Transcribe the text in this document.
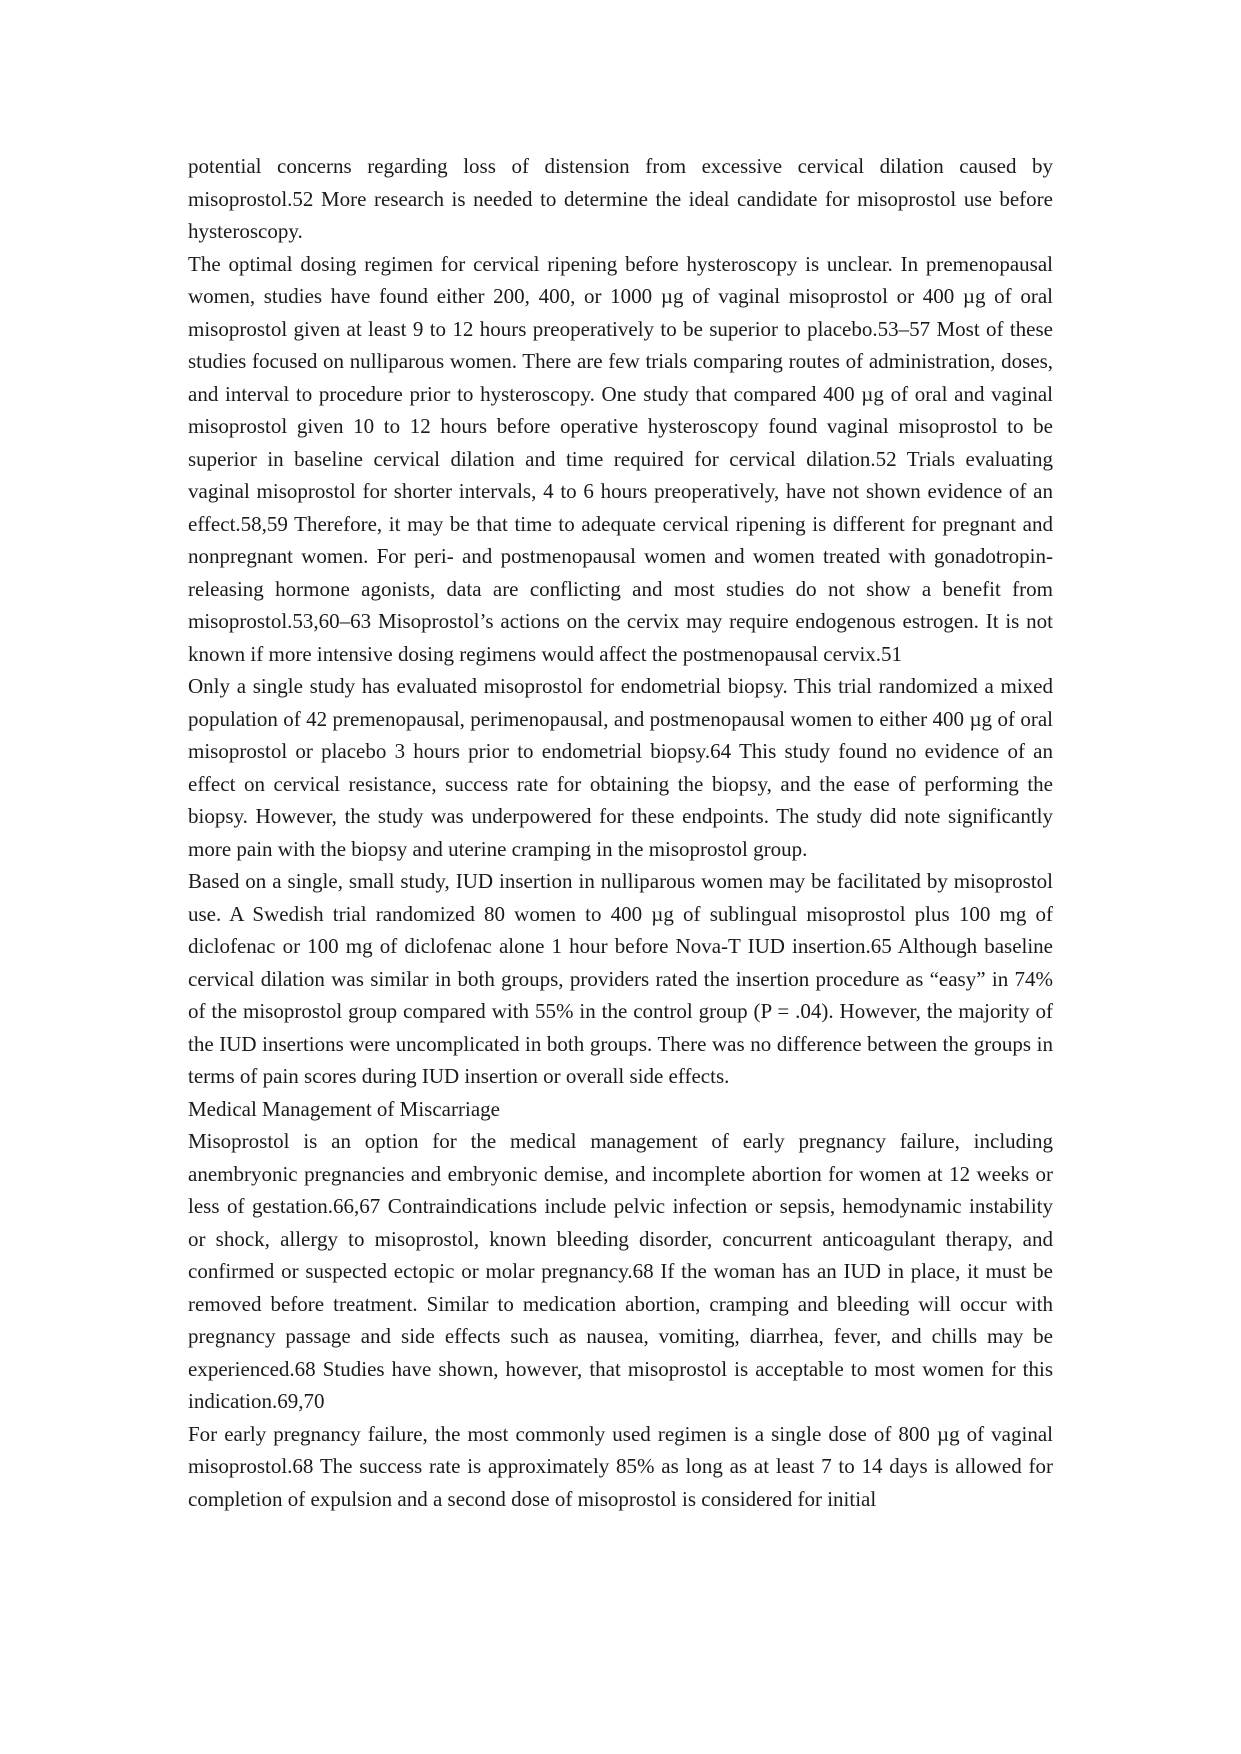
potential concerns regarding loss of distension from excessive cervical dilation caused by misoprostol.52 More research is needed to determine the ideal candidate for misoprostol use before hysteroscopy.

The optimal dosing regimen for cervical ripening before hysteroscopy is unclear. In premenopausal women, studies have found either 200, 400, or 1000 µg of vaginal misoprostol or 400 µg of oral misoprostol given at least 9 to 12 hours preoperatively to be superior to placebo.53–57 Most of these studies focused on nulliparous women. There are few trials comparing routes of administration, doses, and interval to procedure prior to hysteroscopy. One study that compared 400 µg of oral and vaginal misoprostol given 10 to 12 hours before operative hysteroscopy found vaginal misoprostol to be superior in baseline cervical dilation and time required for cervical dilation.52 Trials evaluating vaginal misoprostol for shorter intervals, 4 to 6 hours preoperatively, have not shown evidence of an effect.58,59 Therefore, it may be that time to adequate cervical ripening is different for pregnant and nonpregnant women. For peri- and postmenopausal women and women treated with gonadotropin-releasing hormone agonists, data are conflicting and most studies do not show a benefit from misoprostol.53,60–63 Misoprostol’s actions on the cervix may require endogenous estrogen. It is not known if more intensive dosing regimens would affect the postmenopausal cervix.51

Only a single study has evaluated misoprostol for endometrial biopsy. This trial randomized a mixed population of 42 premenopausal, perimenopausal, and postmenopausal women to either 400 µg of oral misoprostol or placebo 3 hours prior to endometrial biopsy.64 This study found no evidence of an effect on cervical resistance, success rate for obtaining the biopsy, and the ease of performing the biopsy. However, the study was underpowered for these endpoints. The study did note significantly more pain with the biopsy and uterine cramping in the misoprostol group.

Based on a single, small study, IUD insertion in nulliparous women may be facilitated by misoprostol use. A Swedish trial randomized 80 women to 400 µg of sublingual misoprostol plus 100 mg of diclofenac or 100 mg of diclofenac alone 1 hour before Nova-T IUD insertion.65 Although baseline cervical dilation was similar in both groups, providers rated the insertion procedure as “easy” in 74% of the misoprostol group compared with 55% in the control group (P = .04). However, the majority of the IUD insertions were uncomplicated in both groups. There was no difference between the groups in terms of pain scores during IUD insertion or overall side effects.

Medical Management of Miscarriage

Misoprostol is an option for the medical management of early pregnancy failure, including anembryonic pregnancies and embryonic demise, and incomplete abortion for women at 12 weeks or less of gestation.66,67 Contraindications include pelvic infection or sepsis, hemodynamic instability or shock, allergy to misoprostol, known bleeding disorder, concurrent anticoagulant therapy, and confirmed or suspected ectopic or molar pregnancy.68 If the woman has an IUD in place, it must be removed before treatment. Similar to medication abortion, cramping and bleeding will occur with pregnancy passage and side effects such as nausea, vomiting, diarrhea, fever, and chills may be experienced.68 Studies have shown, however, that misoprostol is acceptable to most women for this indication.69,70

For early pregnancy failure, the most commonly used regimen is a single dose of 800 µg of vaginal misoprostol.68 The success rate is approximately 85% as long as at least 7 to 14 days is allowed for completion of expulsion and a second dose of misoprostol is considered for initial
